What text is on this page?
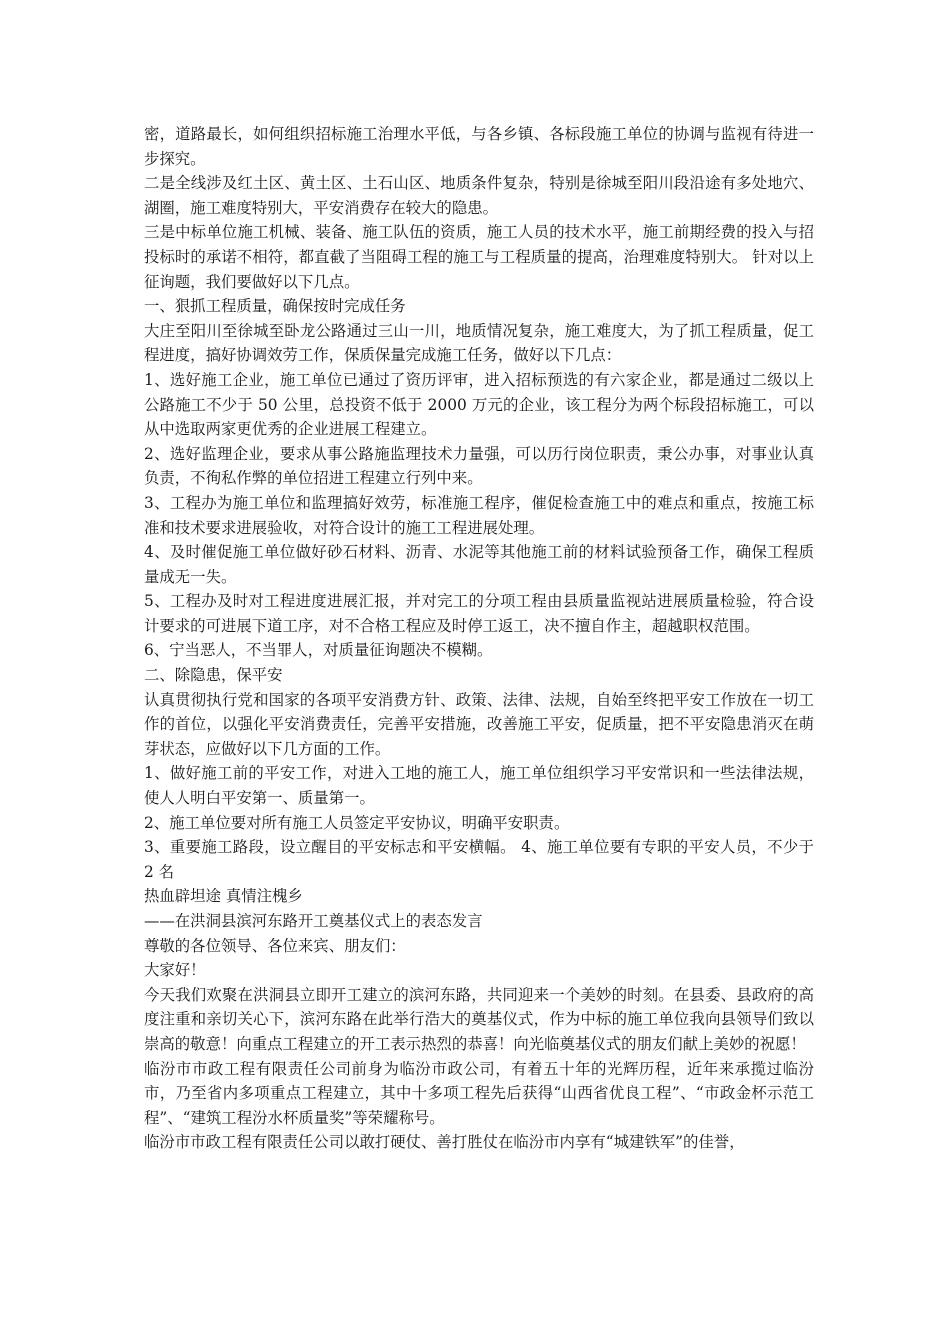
密，道路最长，如何组织招标施工治理水平低，与各乡镇、各标段施工单位的协调与监视有待进一步探究。

二是全线涉及红土区、黄土区、土石山区、地质条件复杂，特别是徐城至阳川段沿途有多处地穴、湖圈，施工难度特别大，平安消费存在较大的隐患。

三是中标单位施工机械、装备、施工队伍的资质，施工人员的技术水平，施工前期经费的投入与招投标时的承诺不相符，都直截了当阻碍工程的施工与工程质量的提高，治理难度特别大。 针对以上征询题，我们要做好以下几点。

一、狠抓工程质量，确保按时完成任务

大庄至阳川至徐城至卧龙公路通过三山一川，地质情况复杂，施工难度大，为了抓工程质量，促工程进度，搞好协调效劳工作，保质保量完成施工任务，做好以下几点：

1、选好施工企业，施工单位已通过了资历评审，进入招标预选的有六家企业，都是通过二级以上公路施工不少于 50 公里，总投资不低于 2000 万元的企业，该工程分为两个标段招标施工，可以从中选取两家更优秀的企业进展工程建立。

2、选好监理企业，要求从事公路施监理技术力量强，可以历行岗位职责，秉公办事，对事业认真负责，不徇私作弊的单位招进工程建立行列中来。

3、工程办为施工单位和监理搞好效劳，标准施工程序，催促检查施工中的难点和重点，按施工标准和技术要求进展验收，对符合设计的施工工程进展处理。

4、及时催促施工单位做好砂石材料、沥青、水泥等其他施工前的材料试验预备工作，确保工程质量成无一失。

5、工程办及时对工程进度进展汇报，并对完工的分项工程由县质量监视站进展质量检验，符合设计要求的可进展下道工序，对不合格工程应及时停工返工，决不擅自作主，超越职权范围。

6、宁当恶人，不当罪人，对质量征询题决不模糊。

二、除隐患，保平安

认真贯彻执行党和国家的各项平安消费方针、政策、法律、法规，自始至终把平安工作放在一切工作的首位，以强化平安消费责任，完善平安措施，改善施工平安，促质量，把不平安隐患消灭在萌芽状态，应做好以下几方面的工作。

1、做好施工前的平安工作，对进入工地的施工人，施工单位组织学习平安常识和一些法律法规，使人人明白平安第一、质量第一。

2、施工单位要对所有施工人员签定平安协议，明确平安职责。

3、重要施工路段，设立醒目的平安标志和平安横幅。 4、施工单位要有专职的平安人员，不少于 2 名

热血辟坦途 真情注槐乡

——在洪洞县滨河东路开工奠基仪式上的表态发言

尊敬的各位领导、各位来宾、朋友们：

大家好！

今天我们欢聚在洪洞县立即开工建立的滨河东路，共同迎来一个美妙的时刻。在县委、县政府的高度注重和亲切关心下，滨河东路在此举行浩大的奠基仪式，作为中标的施工单位我向县领导们致以崇高的敬意！向重点工程建立的开工表示热烈的恭喜！向光临奠基仪式的朋友们献上美妙的祝愿！

临汾市市政工程有限责任公司前身为临汾市政公司，有着五十年的光辉历程，近年来承揽过临汾市，乃至省内多项重点工程建立，其中十多项工程先后获得“山西省优良工程”、“市政金杯示范工程”、“建筑工程汾水杯质量奖”等荣耀称号。

临汾市市政工程有限责任公司以敢打硬仗、善打胜仗在临汾市内享有“城建铁军”的佳誉，
